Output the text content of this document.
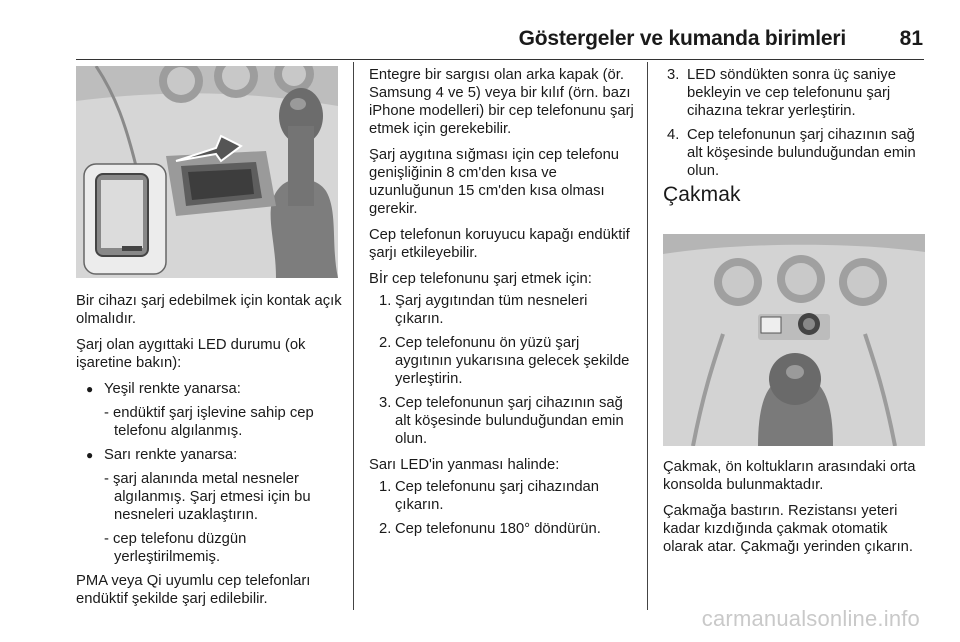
Göstergeler ve kumanda birimleri	81

Bir cihazı şarj edebilmek için kontak açık olmalıdır.

Şarj olan aygıttaki LED durumu (ok işaretine bakın):

● Yeşil renkte yanarsa:
- endüktif şarj işlevine sahip cep telefonu algılanmış.
● Sarı renkte yanarsa:
- şarj alanında metal nesneler algılanmış. Şarj etmesi için bu nesneleri uzaklaştırın.
- cep telefonu düzgün yerleştirilmemiş.

PMA veya Qi uyumlu cep telefonları endüktif şekilde şarj edilebilir.

Entegre bir sargısı olan arka kapak (ör. Samsung 4 ve 5) veya bir kılıf (örn. bazı iPhone modelleri) bir cep telefonunu şarj etmek için gerekebilir.

Şarj aygıtına sığması için cep telefonu genişliğinin 8 cm'den kısa ve uzunluğunun 15 cm'den kısa olması gerekir.

Cep telefonun koruyucu kapağı endüktif şarjı etkileyebilir.

Bİr cep telefonunu şarj etmek için:

1. Şarj aygıtından tüm nesneleri çıkarın.
2. Cep telefonunu ön yüzü şarj aygıtının yukarısına gelecek şekilde yerleştirin.
3. Cep telefonunun şarj cihazının sağ alt köşesinde bulunduğundan emin olun.

Sarı LED'in yanması halinde:

1. Cep telefonunu şarj cihazından çıkarın.
2. Cep telefonunu 180° döndürün.
3. LED söndükten sonra üç saniye bekleyin ve cep telefonunu şarj cihazına tekrar yerleştirin.
4. Cep telefonunun şarj cihazının sağ alt köşesinde bulunduğundan emin olun.
Çakmak

Çakmak, ön koltukların arasındaki orta konsolda bulunmaktadır.

Çakmağa bastırın. Rezistansı yeteri kadar kızdığında çakmak otomatik olarak atar. Çakmağı yerinden çıkarın.

carmanualsonline.info
